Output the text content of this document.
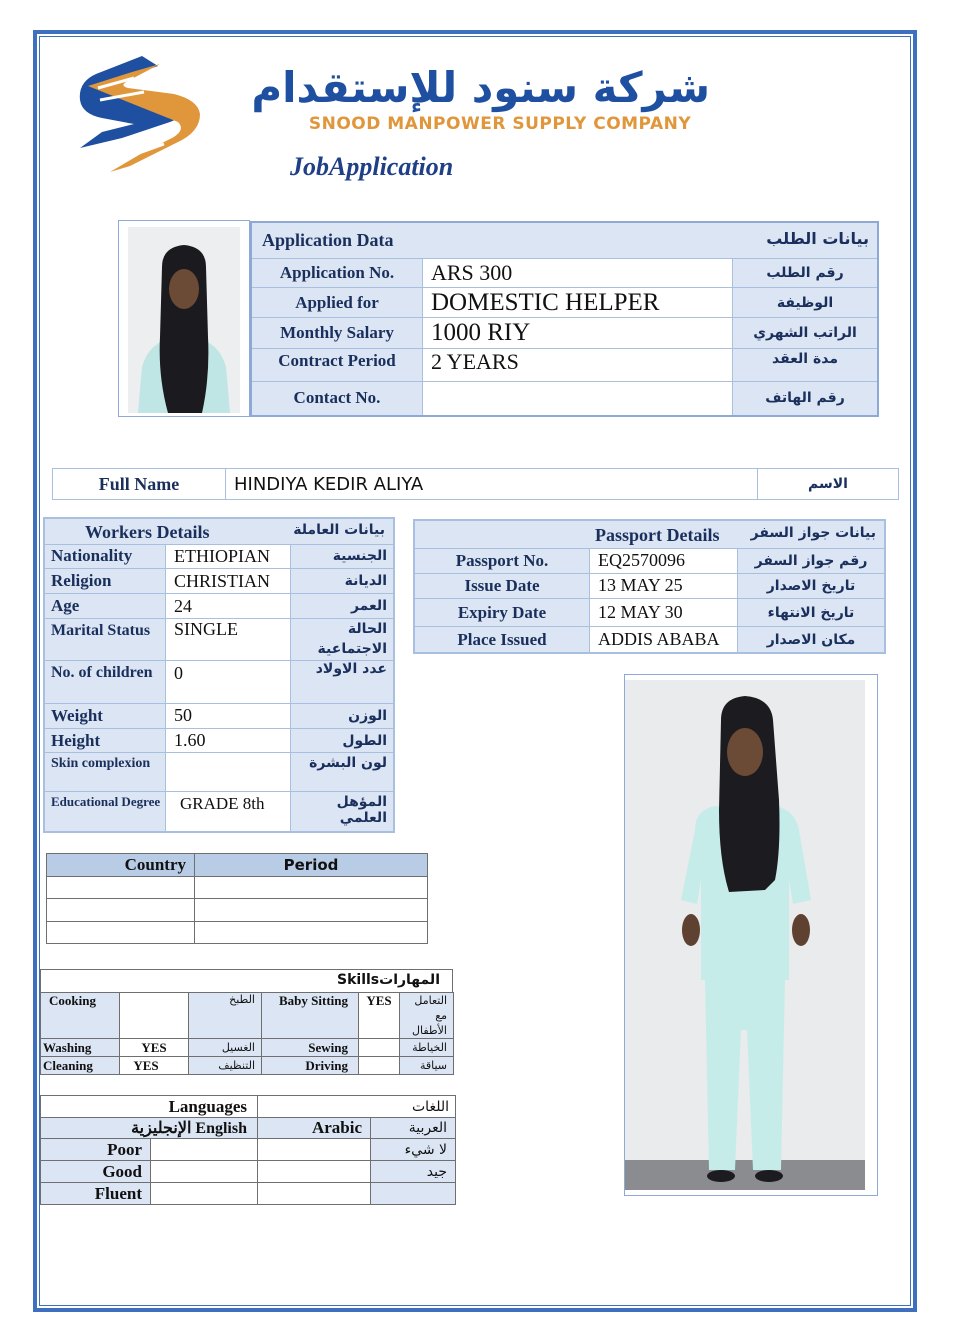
شركة سنود للإستقدام
SNOOD MANPOWER SUPPLY COMPANY
JobApplication
Application Data بيانات الطلب		

Application No.	ARS 300	رقم الطلب
Applied for	DOMESTIC HELPER	الوظيفة
Monthly Salary	1000 RIY	الراتب الشهري
Contract Period	2 YEARS	مدة العقد
Contact No.		رقم الهاتف
Full Name	HINDIYA KEDIR ALIYA	الاسم
Workers Details بيانات العاملة		

Nationality	ETHIOPIAN	الجنسية
Religion	CHRISTIAN	الديانة
Age	24	العمر
Marital Status	SINGLE	الحالة الاجتماعية
No. of children	0	عدد الاولاد
Weight	50	الوزن
Height	1.60	الطول
Skin complexion		لون البشرة
Educational Degree	GRADE 8th	المؤهل العلمي
Passport Details بيانات جواز السفر		

Passport No.	EQ2570096	رقم جواز السفر
Issue Date	13 MAY 25	تاريخ الاصدار
Expiry Date	12 MAY 30	تاريخ الانتهاء
Place Issued	ADDIS ABABA	مكان الاصدار
Country	Period

المهاراتSkills
Cooking		الطبخ	Baby Sitting	YES	التعامل مع الأطفال
Washing	YES	الغسيل	Sewing		الخياطة
Cleaning	YES	التنظيف	Driving		سياقة
Languages	اللغات	
الإنجليزية English	Arabic	العربية

Poor		لا شيء

Good		جيد

Fluent		
